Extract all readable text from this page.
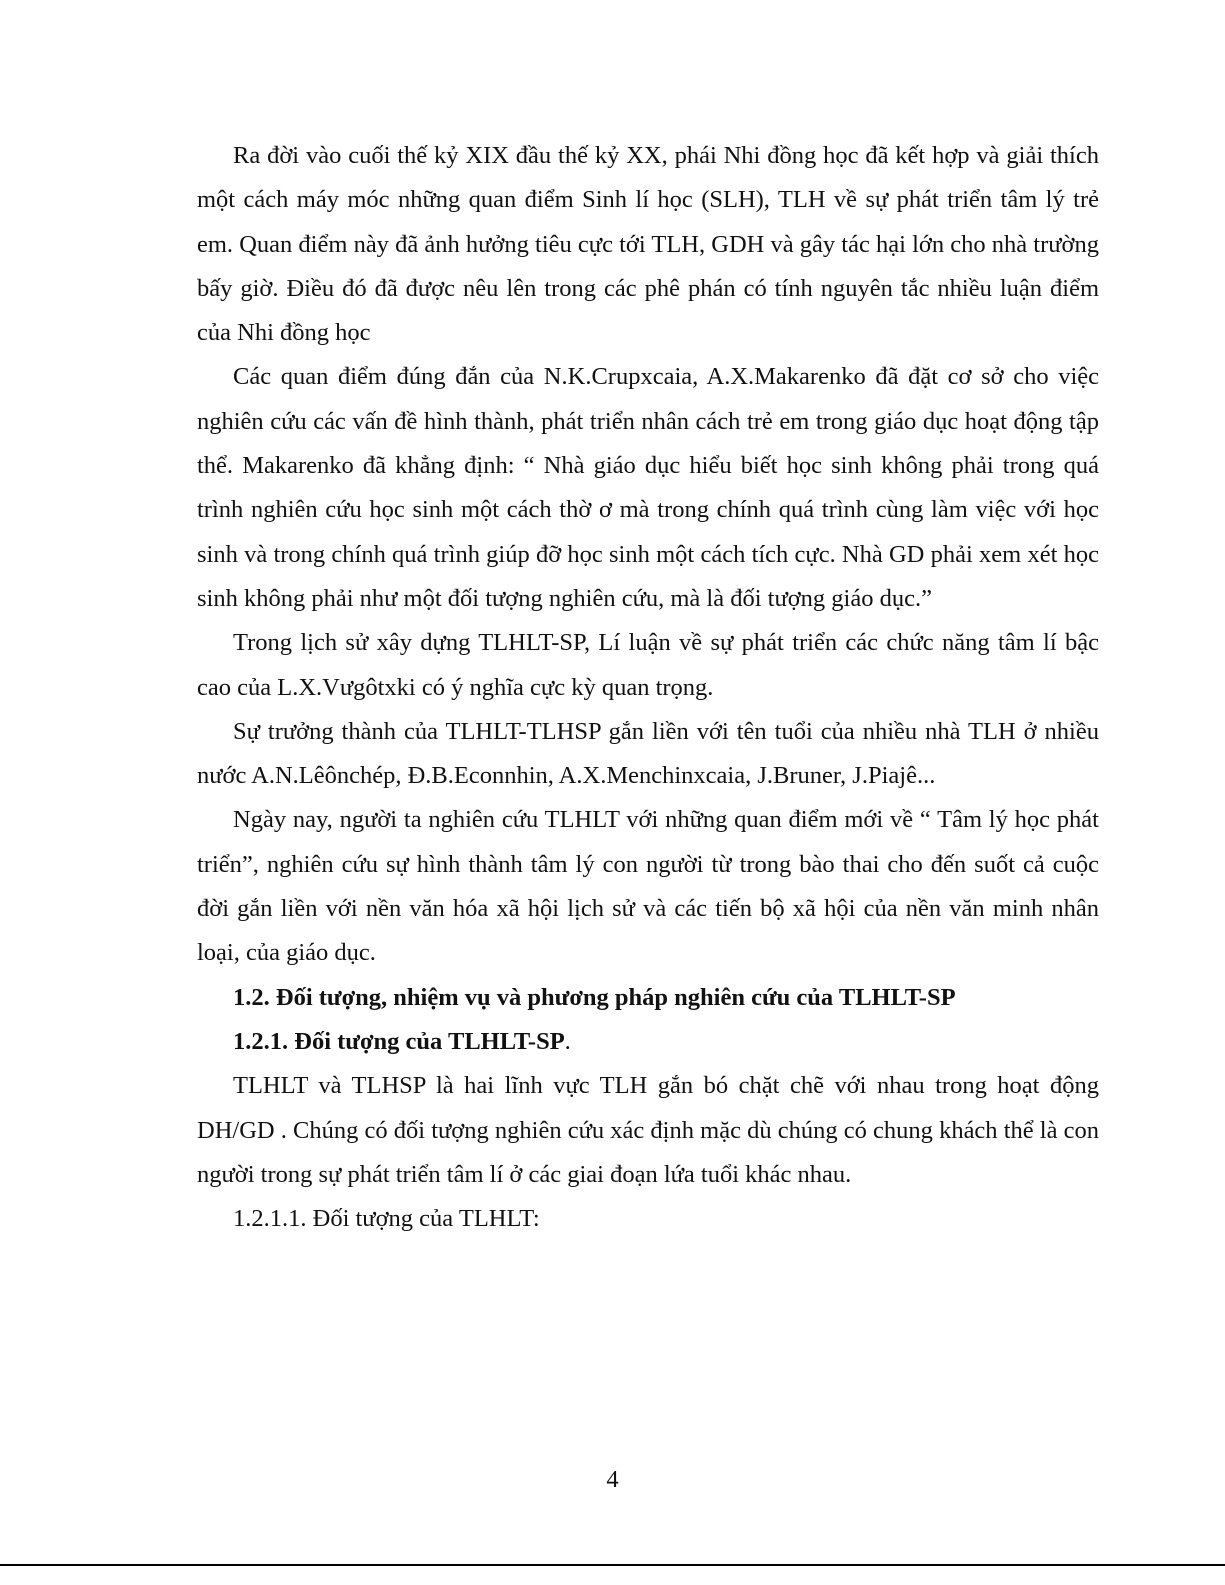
Ra đời vào cuối thế kỷ XIX đầu thế kỷ XX, phái Nhi đồng học đã kết hợp và giải thích một cách máy móc những quan điểm Sinh lí học (SLH), TLH về sự phát triển tâm lý trẻ em. Quan điểm này đã ảnh hưởng tiêu cực tới TLH, GDH và gây tác hại lớn cho nhà trường bấy giờ. Điều đó đã được nêu lên trong các phê phán có tính nguyên tắc nhiều luận điểm của Nhi đồng học

Các quan điểm đúng đắn của N.K.Crupxcaia, A.X.Makarenko đã đặt cơ sở cho việc nghiên cứu các vấn đề hình thành, phát triển nhân cách trẻ em trong giáo dục hoạt động tập thể. Makarenko đã khẳng định: “ Nhà giáo dục hiểu biết học sinh không phải trong quá trình nghiên cứu học sinh một cách thờ ơ mà trong chính quá trình cùng làm việc với học sinh và trong chính quá trình giúp đỡ học sinh một cách tích cực. Nhà GD phải xem xét học sinh không phải như một đối tượng nghiên cứu, mà là đối tượng giáo dục.”

Trong lịch sử xây dựng TLHLT-SP, Lí luận về sự phát triển các chức năng tâm lí bậc cao của L.X.Vưgôtxki có ý nghĩa cực kỳ quan trọng.

Sự trưởng thành của TLHLT-TLHSP gắn liền với tên tuổi của nhiều nhà TLH ở nhiều nước A.N.Lêônchép, Đ.B.Econnhin, A.X.Menchinxcaia, J.Bruner, J.Piajê...

Ngày nay, người ta nghiên cứu TLHLT với những quan điểm mới về “ Tâm lý học phát triển”, nghiên cứu sự hình thành tâm lý con người từ trong bào thai cho đến suốt cả cuộc đời gắn liền với nền văn hóa xã hội lịch sử và các tiến bộ xã hội của nền văn minh nhân loại, của giáo dục.

1.2. Đối tượng, nhiệm vụ và phương pháp nghiên cứu của TLHLT-SP

1.2.1. Đối tượng của TLHLT-SP.

TLHLT và TLHSP là hai lĩnh vực TLH gắn bó chặt chẽ với nhau trong hoạt động DH/GD . Chúng có đối tượng nghiên cứu xác định mặc dù chúng có chung khách thể là con người trong sự phát triển tâm lí ở các giai đoạn lứa tuổi khác nhau.

1.2.1.1. Đối tượng của TLHLT:

4
